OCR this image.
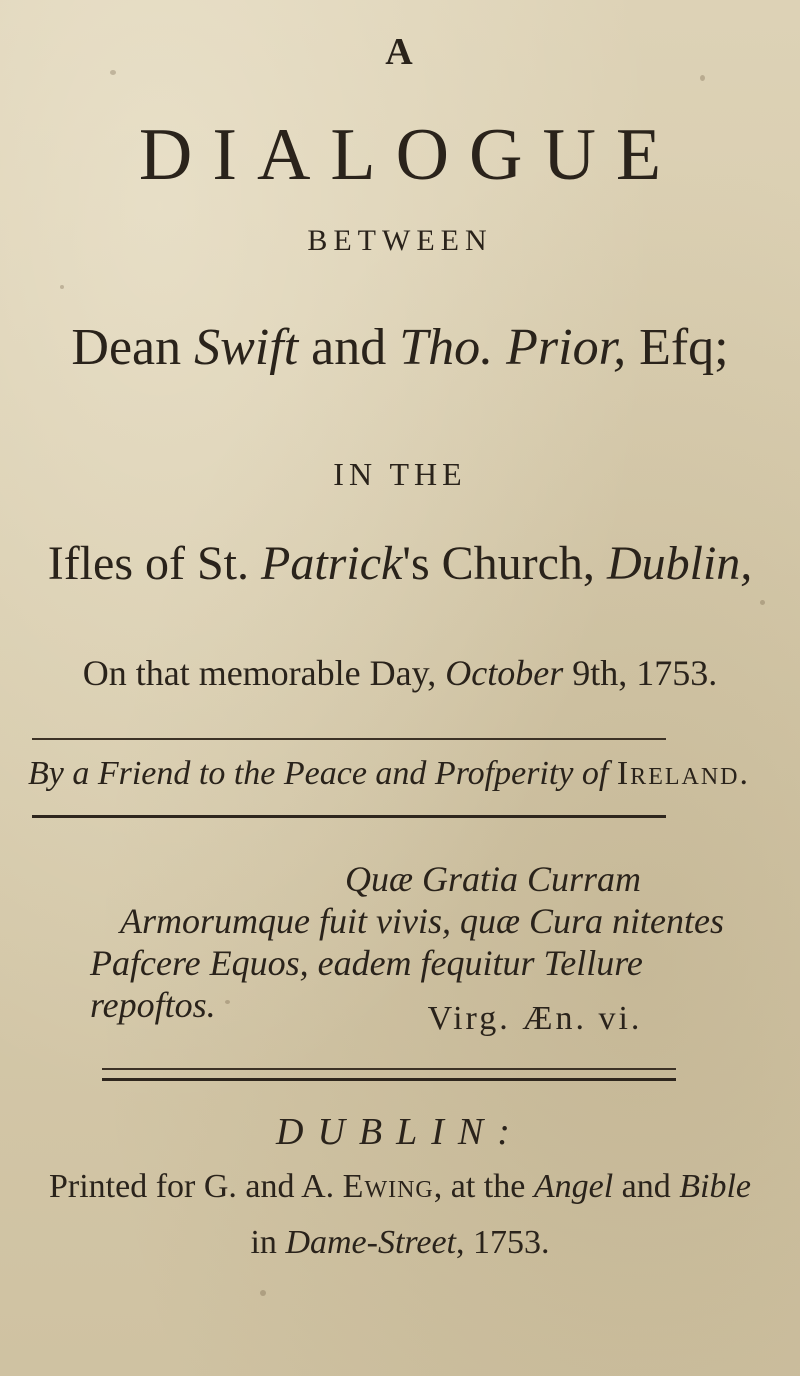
A
DIALOGUE
BETWEEN
Dean Swift and Tho. Prior, Efq;
IN THE
Ifles of St. Patrick's Church, Dublin,
On that memorable Day, October 9th, 1753.
By a Friend to the Peace and Profperity of Ireland.
Quæ Gratia Curram
Armorumque fuit vivis, quæ Cura nitentes
Pafcere Equos, eadem fequitur Tellure repoftos.	Virg. Æn. vi.
DUBLIN:
Printed for G. and A. Ewing, at the Angel and Bible
in Dame-Street, 1753.
